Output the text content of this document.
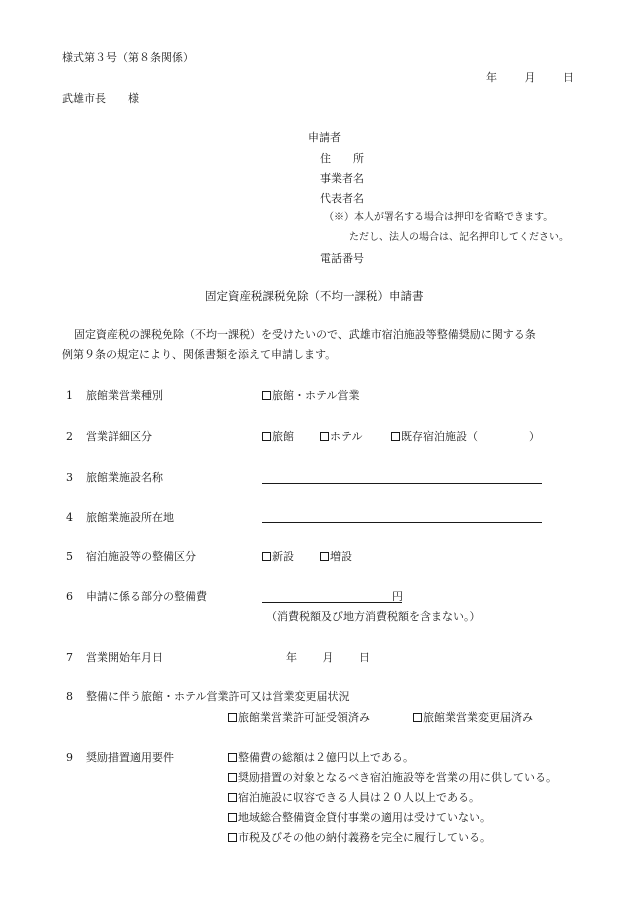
様式第３号（第８条関係）
年	月	日
武雄市長　　様
申請者
住　　所
事業者名
代表者名
（※）本人が署名する場合は押印を省略できます。
ただし、法人の場合は、記名押印してください。
電話番号
固定資産税課税免除（不均一課税）申請書
固定資産税の課税免除（不均一課税）を受けたいので、武雄市宿泊施設等整備奨励に関する条
例第９条の規定により、関係書類を添えて申請します。
1 旅館業営業種別	旅館・ホテル営業
2 営業詳細区分	旅館	ホテル	既存宿泊施設（	）
3 旅館業施設名称
4 旅館業施設所在地
5 宿泊施設等の整備区分	新設	増設
6 申請に係る部分の整備費	円
（消費税額及び地方消費税額を含まない。）
7 営業開始年月日	年 月 日
8 整備に伴う旅館・ホテル営業許可又は営業変更届状況
旅館業営業許可証受領済み	旅館業営業変更届済み
9 奨励措置適用要件	整備費の総額は２億円以上である。
奨励措置の対象となるべき宿泊施設等を営業の用に供している。
宿泊施設に収容できる人員は２０人以上である。
地域総合整備資金貸付事業の適用は受けていない。
市税及びその他の納付義務を完全に履行している。
